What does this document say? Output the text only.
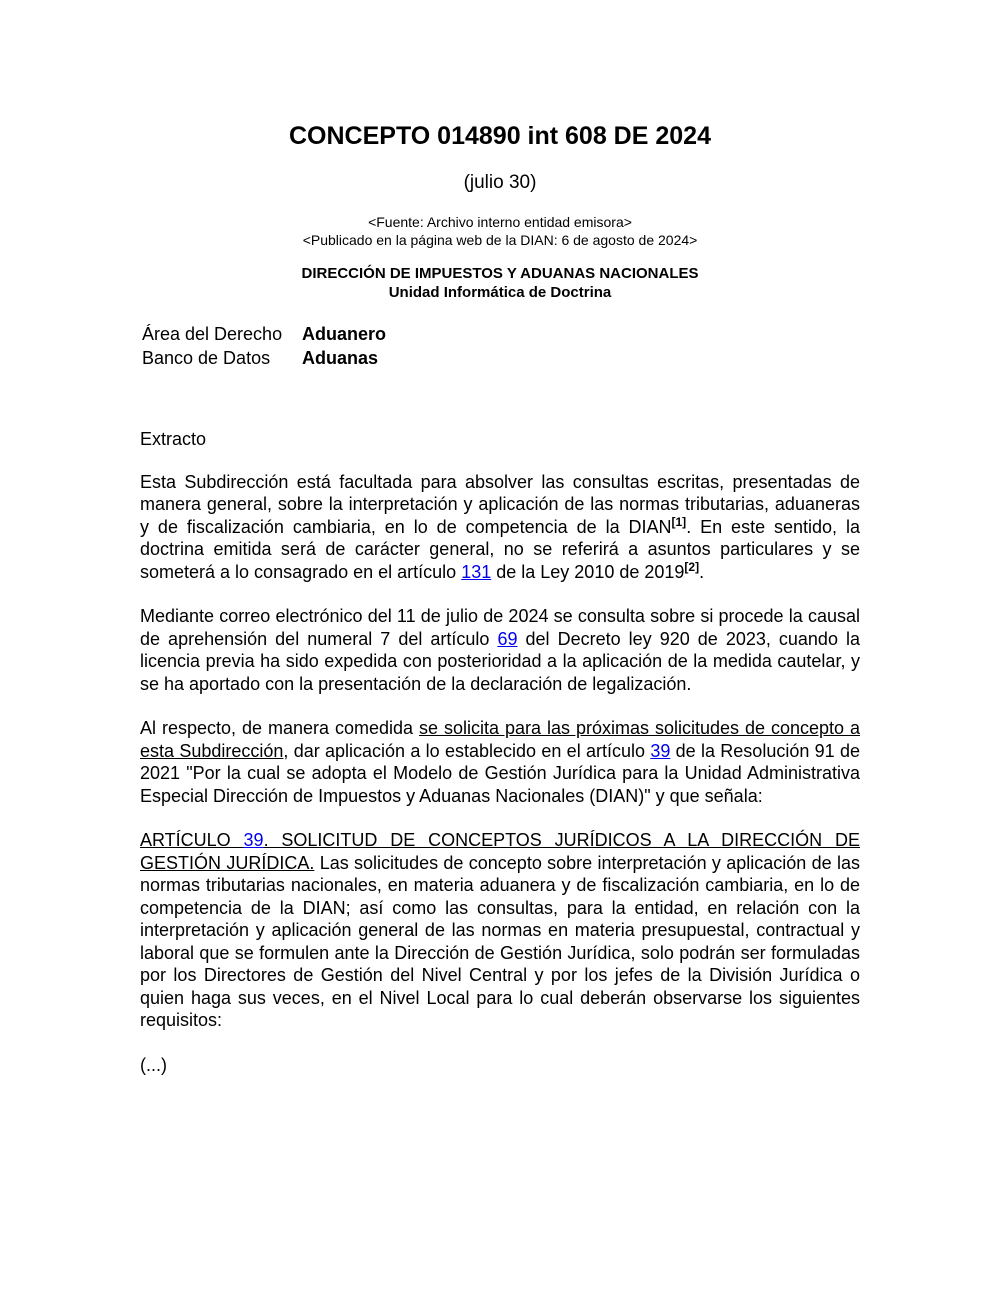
CONCEPTO 014890 int 608 DE 2024
(julio 30)
<Fuente: Archivo interno entidad emisora>
<Publicado en la página web de la DIAN: 6 de agosto de 2024>
DIRECCIÓN DE IMPUESTOS Y ADUANAS NACIONALES
Unidad Informática de Doctrina
Área del Derecho	Aduanero
Banco de Datos	Aduanas

Extracto

Esta Subdirección está facultada para absolver las consultas escritas, presentadas de manera general, sobre la interpretación y aplicación de las normas tributarias, aduaneras y de fiscalización cambiaria, en lo de competencia de la DIAN[1]. En este sentido, la doctrina emitida será de carácter general, no se referirá a asuntos particulares y se someterá a lo consagrado en el artículo 131 de la Ley 2010 de 2019[2].

Mediante correo electrónico del 11 de julio de 2024 se consulta sobre si procede la causal de aprehensión del numeral 7 del artículo 69 del Decreto ley 920 de 2023, cuando la licencia previa ha sido expedida con posterioridad a la aplicación de la medida cautelar, y se ha aportado con la presentación de la declaración de legalización.

Al respecto, de manera comedida se solicita para las próximas solicitudes de concepto a esta Subdirección, dar aplicación a lo establecido en el artículo 39 de la Resolución 91 de 2021 "Por la cual se adopta el Modelo de Gestión Jurídica para la Unidad Administrativa Especial Dirección de Impuestos y Aduanas Nacionales (DIAN)" y que señala:

ARTÍCULO 39. SOLICITUD DE CONCEPTOS JURÍDICOS A LA DIRECCIÓN DE GESTIÓN JURÍDICA. Las solicitudes de concepto sobre interpretación y aplicación de las normas tributarias nacionales, en materia aduanera y de fiscalización cambiaria, en lo de competencia de la DIAN; así como las consultas, para la entidad, en relación con la interpretación y aplicación general de las normas en materia presupuestal, contractual y laboral que se formulen ante la Dirección de Gestión Jurídica, solo podrán ser formuladas por los Directores de Gestión del Nivel Central y por los jefes de la División Jurídica o quien haga sus veces, en el Nivel Local para lo cual deberán observarse los siguientes requisitos:

(...)
